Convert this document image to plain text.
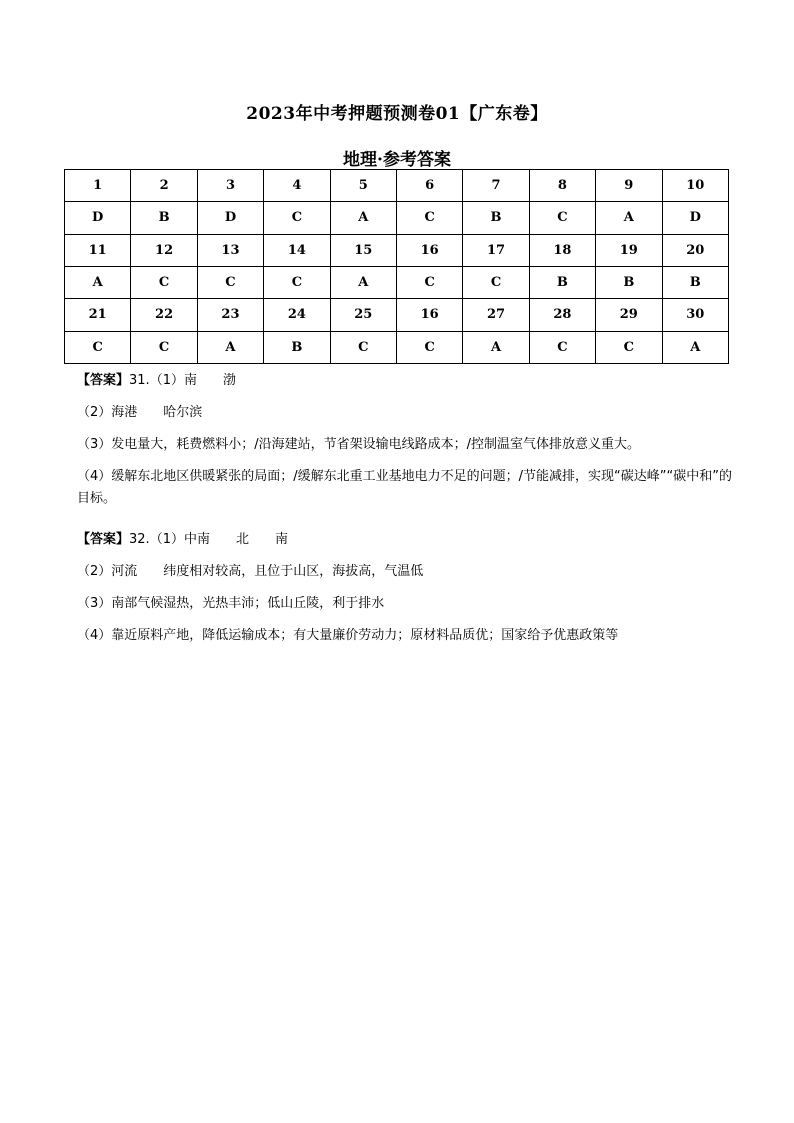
2023年中考押题预测卷01【广东卷】
地理·参考答案
1	2	3	4	5	6	7	8	9	10
D	B	D	C	A	C	B	C	A	D
11	12	13	14	15	16	17	18	19	20
A	C	C	C	A	C	C	B	B	B
21	22	23	24	25	16	27	28	29	30
C	C	A	B	C	C	A	C	C	A
【答案】31.（1）南　　渤
（2）海港　　哈尔滨
（3）发电量大，耗费燃料小；/沿海建站，节省架设输电线路成本；/控制温室气体排放意义重大。
（4）缓解东北地区供暖紧张的局面；/缓解东北重工业基地电力不足的问题；/节能减排，实现“碳达峰”“碳中和”的目标。
【答案】32.（1）中南　　北　　南
（2）河流　　纬度相对较高，且位于山区，海拔高，气温低
（3）南部气候湿热，光热丰沛；低山丘陵，利于排水
（4）靠近原料产地，降低运输成本；有大量廉价劳动力；原材料品质优；国家给予优惠政策等
